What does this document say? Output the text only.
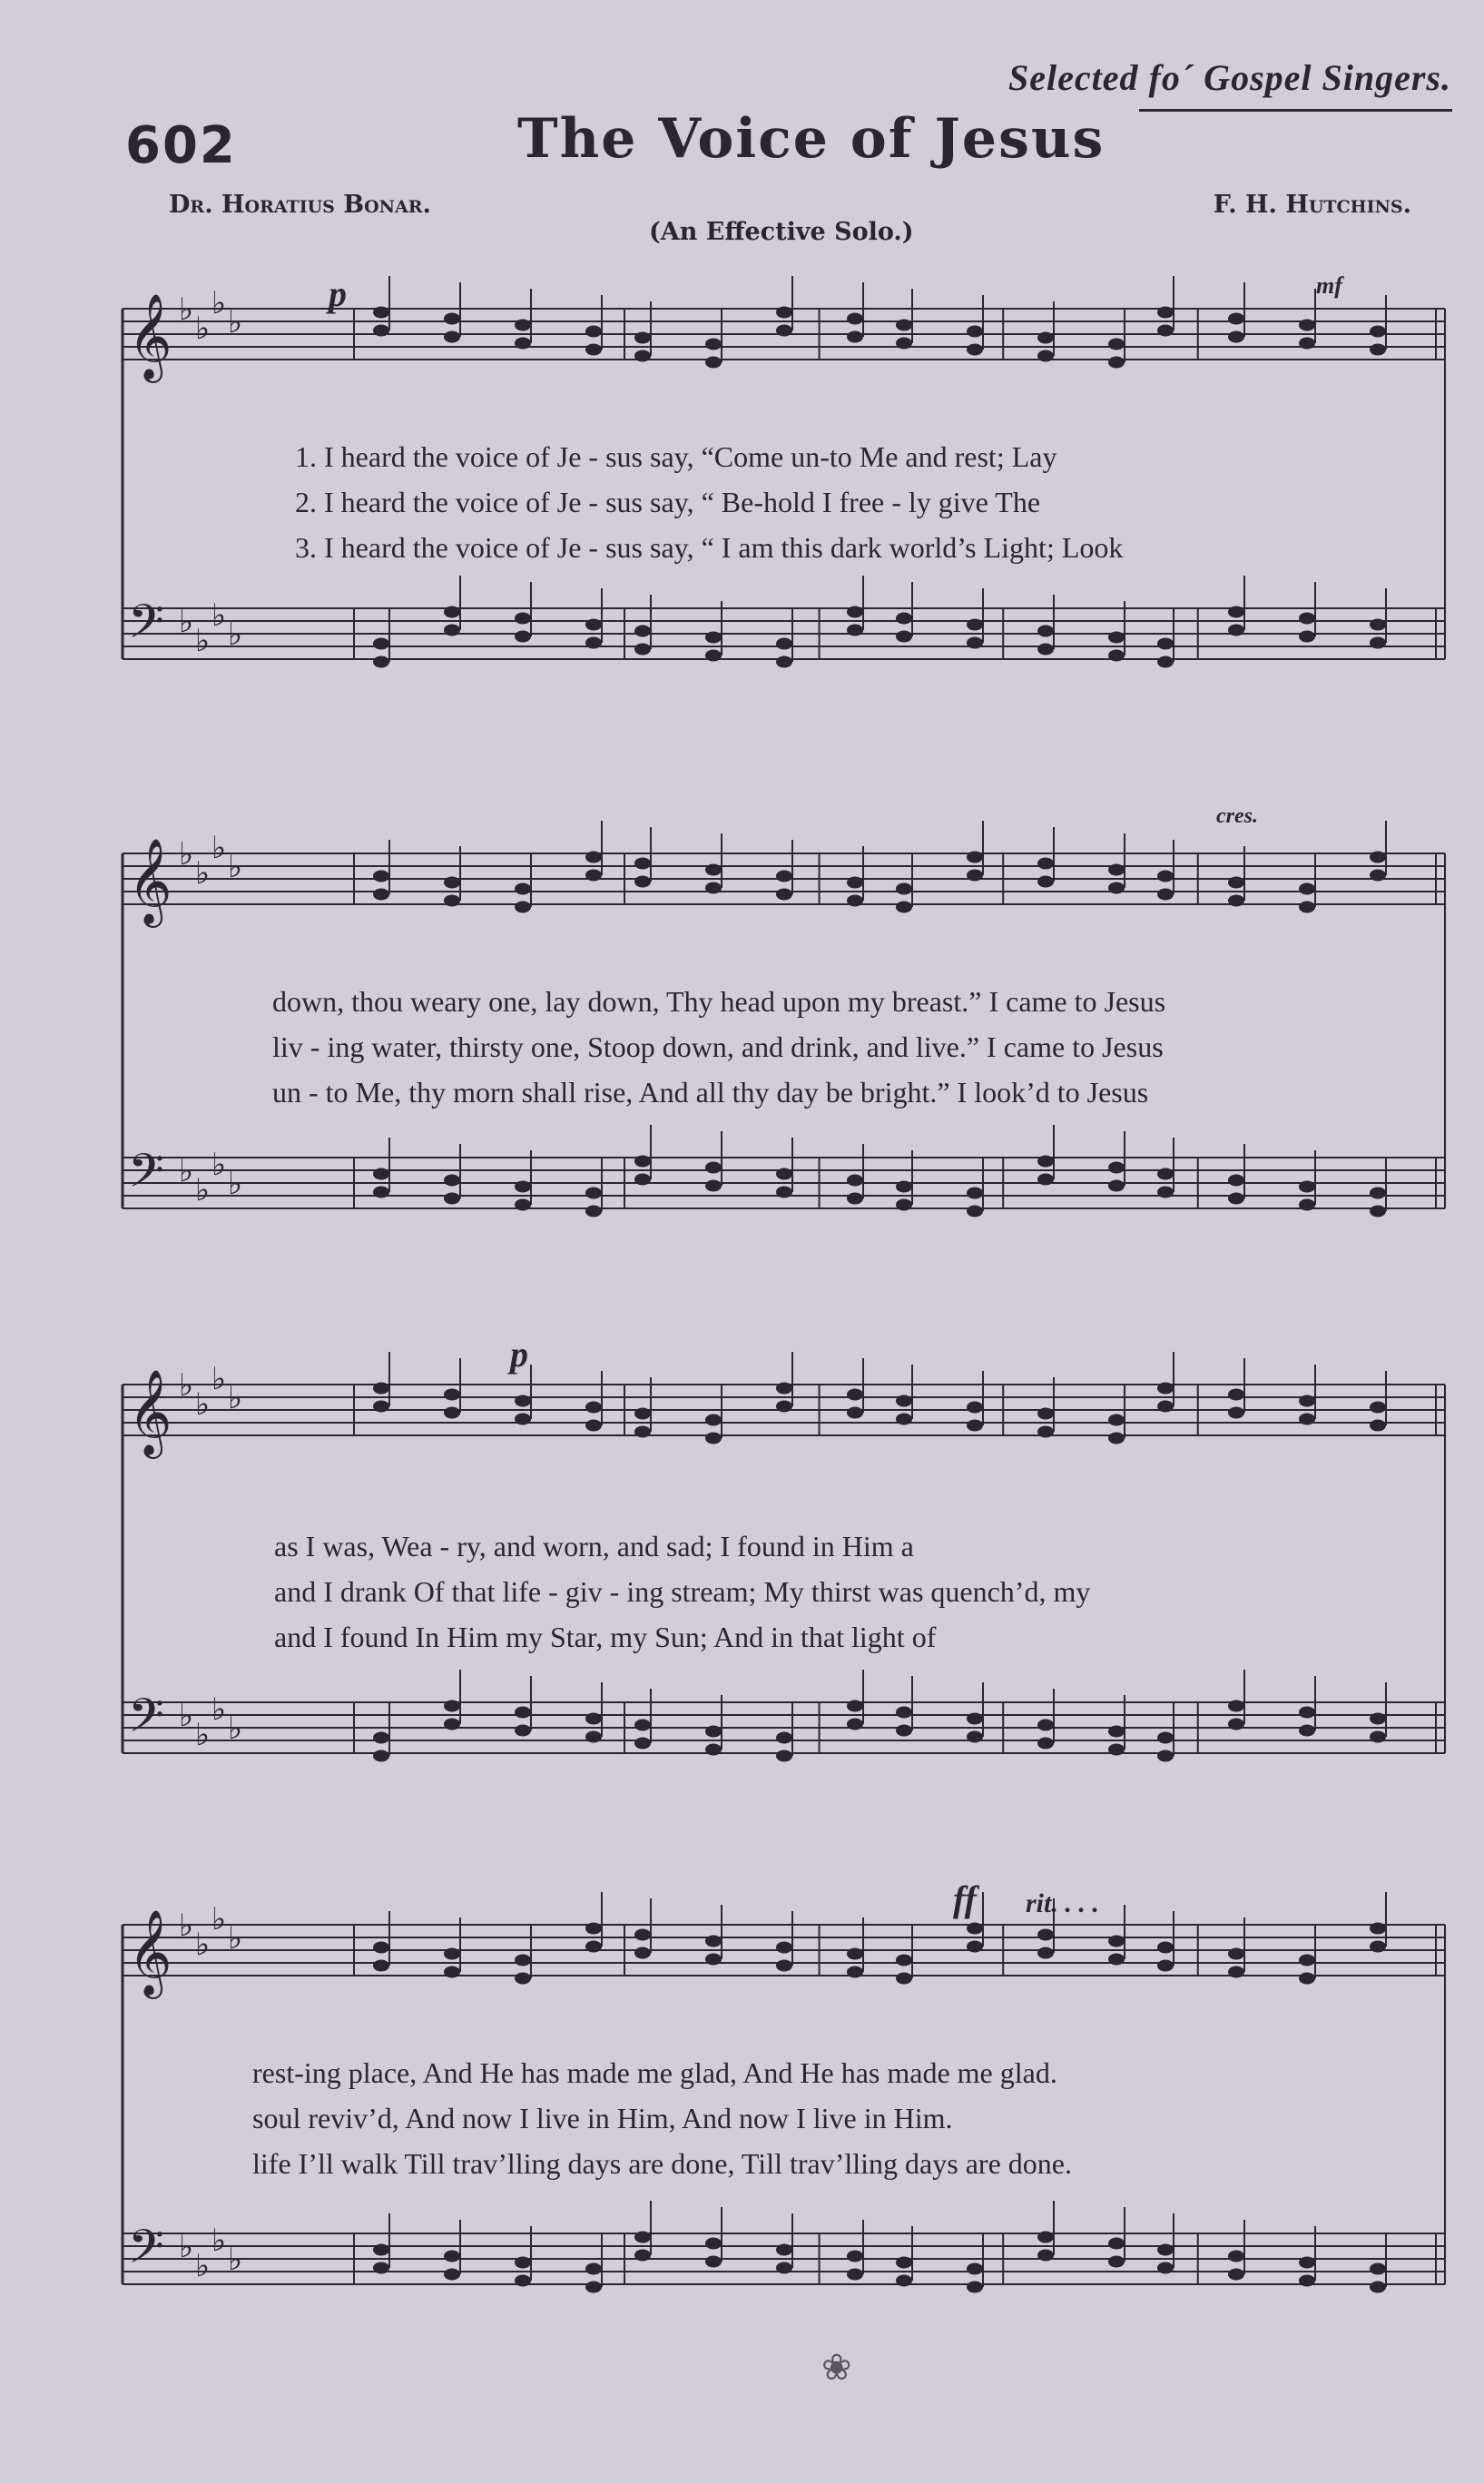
Selected fo´ Gospel Singers.
602	The Voice of Jesus
Dr. Horatius Bonar.	F. H. Hutchins.
(An Effective Solo.)
𝄞 ♭
♭
♭
♭
𝄢 ♭
♭
♭
♭
p	mf
1. I heard the voice of Je - sus say, “Come un-to Me and rest; Lay
2. I heard the voice of Je - sus say, “ Be-hold I free - ly give The
3. I heard the voice of Je - sus say, “ I am this dark world’s Light; Look
𝄞 ♭
♭
♭
♭
𝄢 ♭
♭
♭
♭
cres.
down, thou weary one, lay down, Thy head upon my breast.” I came to Jesus
liv - ing water, thirsty one, Stoop down, and drink, and live.” I came to Jesus
un - to Me, thy morn shall rise, And all thy day be bright.” I look’d to Jesus
𝄞 ♭
♭
♭
♭
𝄢 ♭
♭
♭
♭
p
as I was, Wea - ry, and worn, and sad; I found in Him a
and I drank Of that life - giv - ing stream; My thirst was quench’d, my
and I found In Him my Star, my Sun; And in that light of
𝄞 ♭
♭
♭
♭
𝄢 ♭
♭
♭
♭
ff rit. . . .
rest-ing place, And He has made me glad, And He has made me glad.
soul reviv’d, And now I live in Him, And now I live in Him.
life I’ll walk Till trav’lling days are done, Till trav’lling days are done.
❀
